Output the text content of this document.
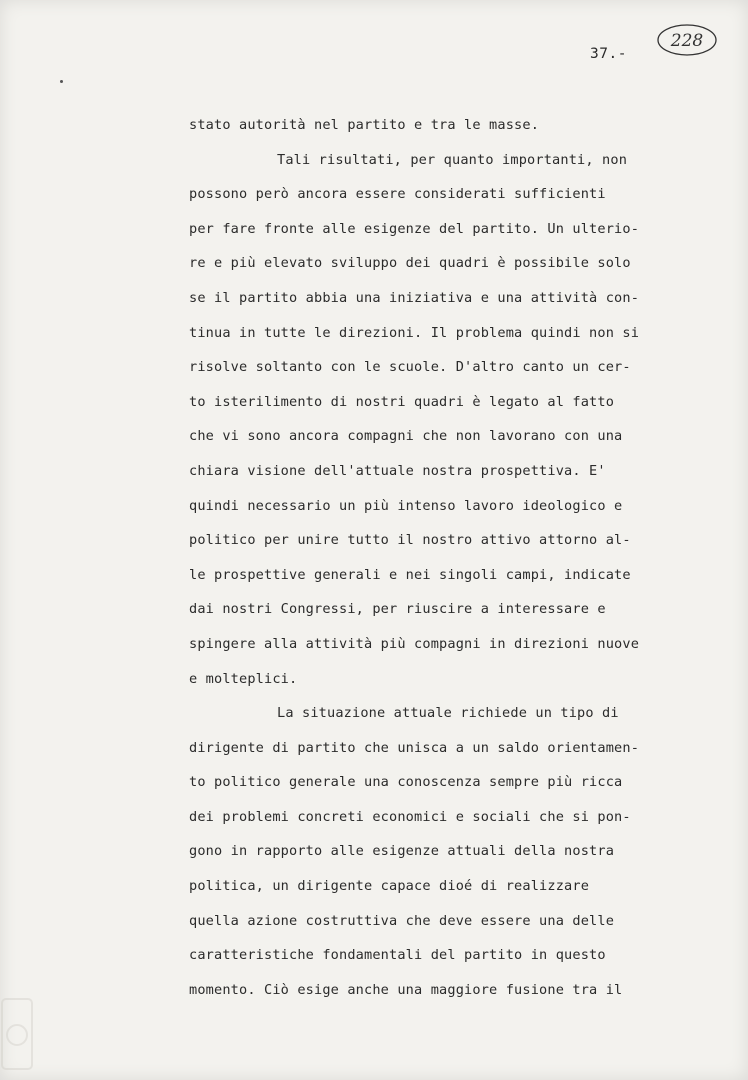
228
37.-
stato autorità nel partito e tra le masse.
Tali risultati, per quanto importanti, non
possono però ancora essere considerati sufficienti
per fare fronte alle esigenze del partito. Un ulterio-
re e più elevato sviluppo dei quadri è possibile solo
se il partito abbia una iniziativa e una attività con-
tinua in tutte le direzioni. Il problema quindi non si
risolve soltanto con le scuole. D'altro canto un cer-
to isterilimento di nostri quadri è legato al fatto
che vi sono ancora compagni che non lavorano con una
chiara visione dell'attuale nostra prospettiva. E'
quindi necessario un più intenso lavoro ideologico e
politico per unire tutto il nostro attivo attorno al-
le prospettive generali e nei singoli campi, indicate
dai nostri Congressi, per riuscire a interessare e
spingere alla attività più compagni in direzioni nuove
e molteplici.
La situazione attuale richiede un tipo di
dirigente di partito che unisca a un saldo orientamen-
to politico generale una conoscenza sempre più ricca
dei problemi concreti economici e sociali che si pon-
gono in rapporto alle esigenze attuali della nostra
politica, un dirigente capace dioé di realizzare
quella azione costruttiva che deve essere una delle
caratteristiche fondamentali del partito in questo
momento. Ciò esige anche una maggiore fusione tra il
